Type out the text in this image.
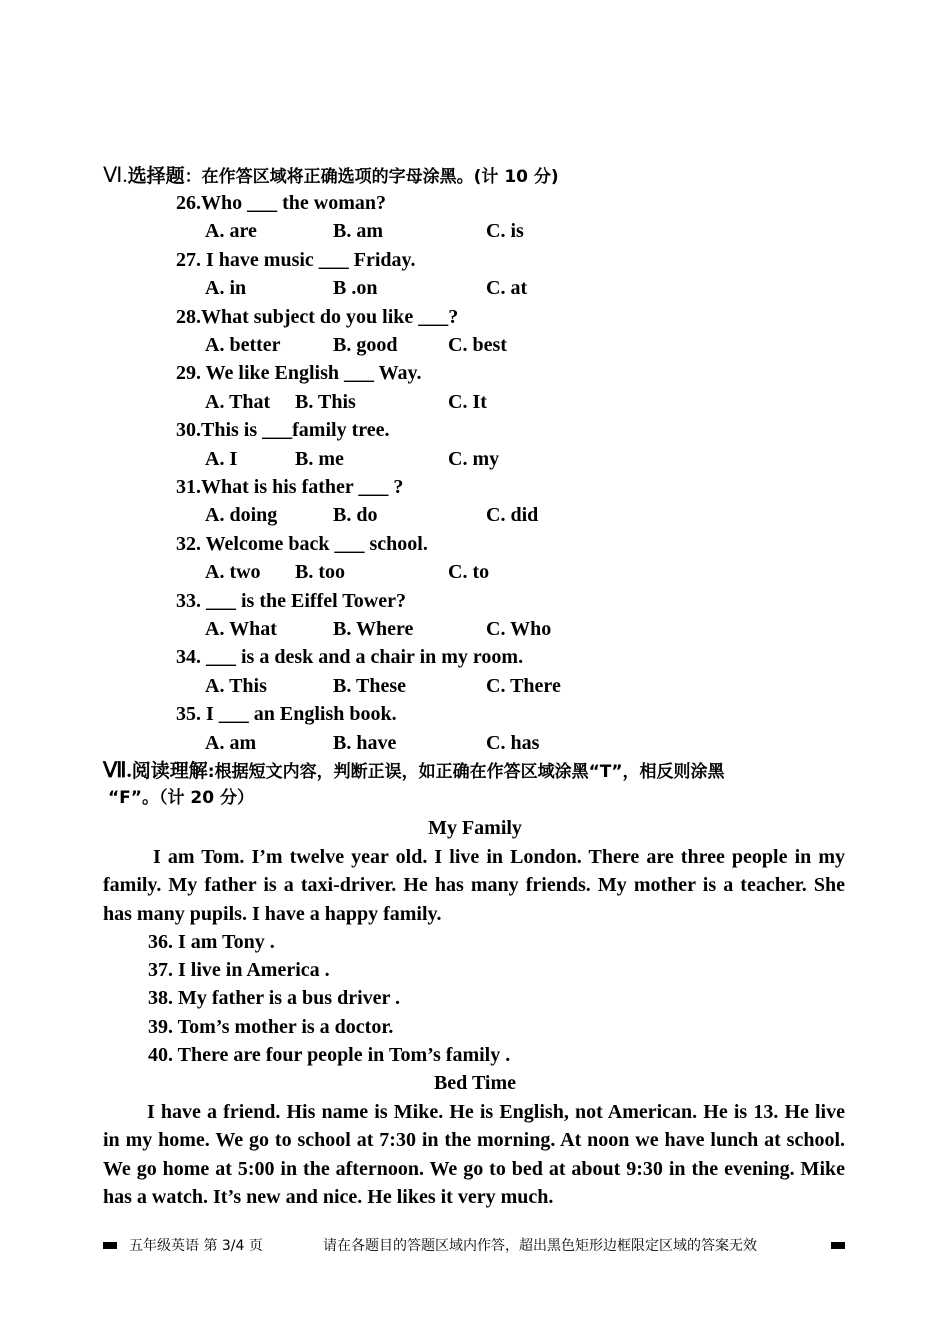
Ⅵ.选择题：在作答区域将正确选项的字母涂黑。(计 10 分)
26.Who ___ the woman?
A. are	B. am	C. is
27. I have music ___ Friday.
A. in	B .on	C. at
28.What subject do you like ___?
A. better	B. good	C. best
29. We like English ___ Way.
A. That B. This	C. It
30.This is ___family tree.
A. I	B. me	C. my
31.What is his father ___ ?
A. doing	B. do	C. did
32. Welcome back ___ school.
A. two B. too	C. to
33. ___ is the Eiffel Tower?
A. What	B. Where	C. Who
34. ___ is a desk and a chair in my room.
A. This	B. These	C. There
35. I ___ an English book.
A. am	B. have	C. has
Ⅶ.阅读理解:根据短文内容，判断正误，如正确在作答区域涂黑“T”，相反则涂黑
“F”。（计 20 分）
My Family
I am Tom. I’m twelve year old. I live in London. There are three people in my family. My father is a taxi-driver. He has many friends. My mother is a teacher. She has many pupils. I have a happy family.
36. I am Tony .
37. I live in America .
38. My father is a bus driver .
39. Tom’s mother is a doctor.
40. There are four people in Tom’s family .
Bed Time
I have a friend. His name is Mike. He is English, not American. He is 13. He live in my home. We go to school at 7:30 in the morning. At noon we have lunch at school. We go home at 5:00 in the afternoon. We go to bed at about 9:30 in the evening. Mike has a watch. It’s new and nice. He likes it very much.
五年级英语 第 3/4 页	请在各题目的答题区域内作答，超出黑色矩形边框限定区域的答案无效
